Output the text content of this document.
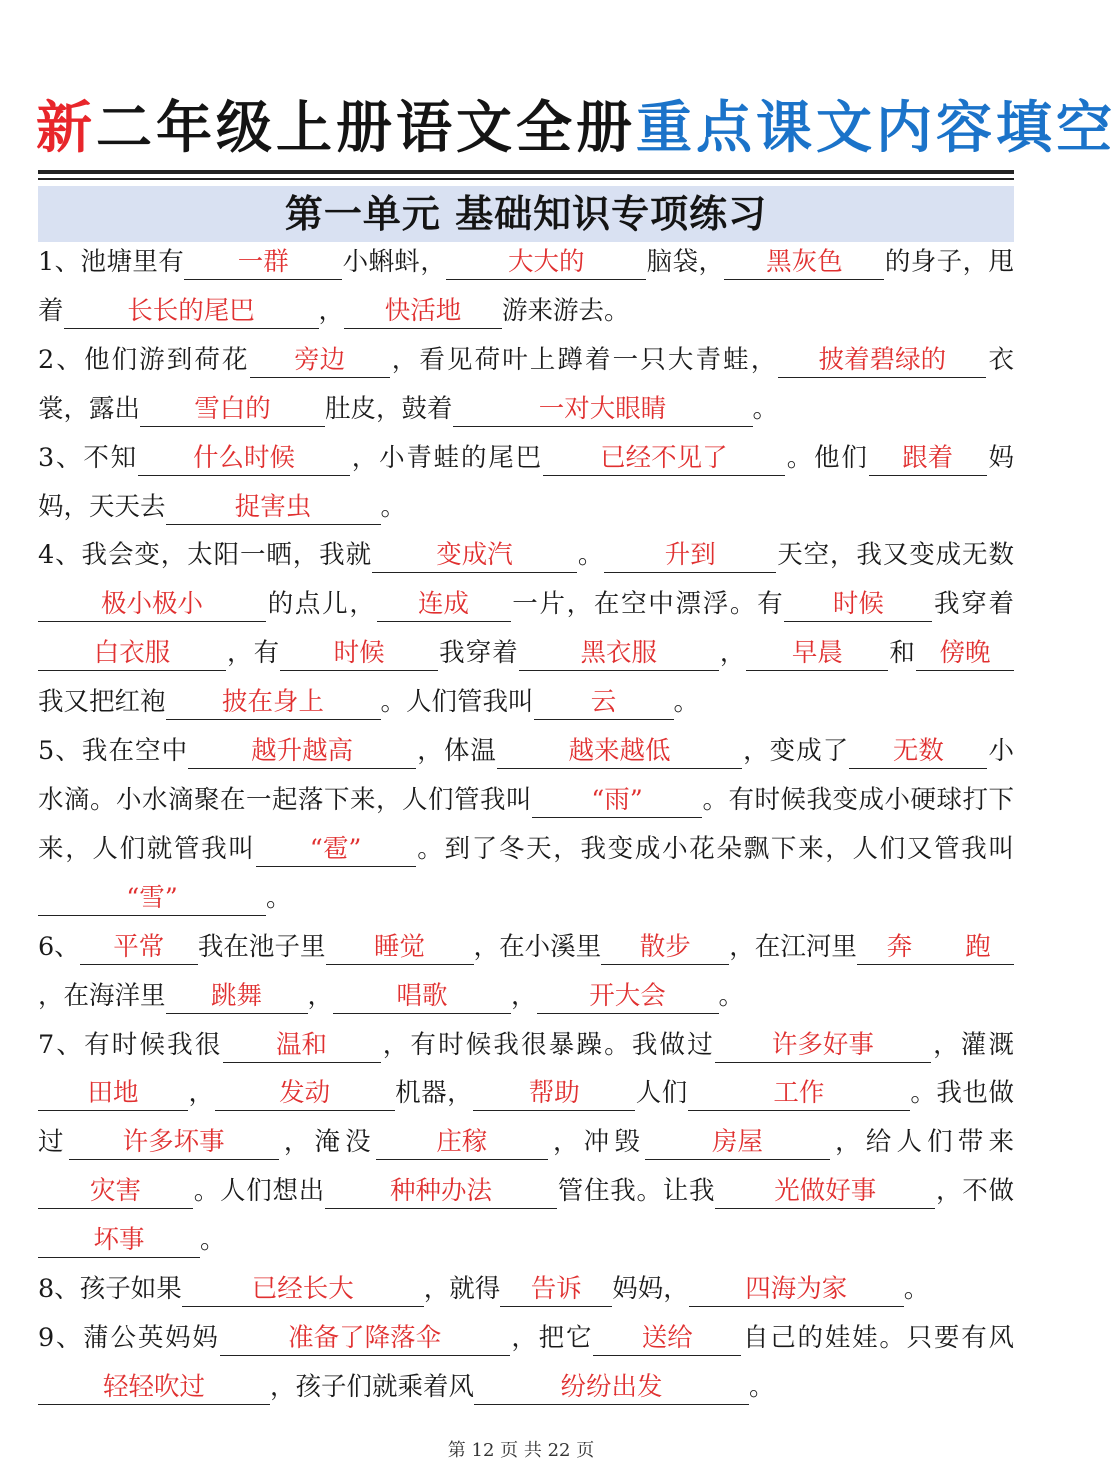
新二年级上册语文全册重点课文内容填空
第一单元 基础知识专项练习

1、池塘里有 一群 小蝌蚪， 大大的 脑袋， 黑灰色 的身子，甩着 长长的尾巴	， 快活地 游来游去。

2、他们游到荷花 旁边 ，看见荷叶上蹲着一只大青蛙， 披着碧绿的 衣裳，露出 雪白的 肚皮，鼓着	一对大眼睛	。

3、不知 什么时候 ，小青蛙的尾巴 已经不见了 。他们 跟着 妈妈，天天去	捉害虫	。

4、我会变，太阳一晒，我就	变成汽	。 升到 天空，我又变成无数极小极小 的点儿， 连成 一片，在空中漂浮。有 时候 我穿着白衣服 ，有 时候 我穿着 黑衣服 ， 早晨 和 傍晚我又把红袍 披在身上 。人们管我叫 云 。

5、我在空中 越升越高 ，体温	越来越低	，变成了 无数 小水滴。小水滴聚在一起落下来，人们管我叫 “雨” 。有时候我变成小硬球打下来，人们就管我叫 “雹” 。到了冬天，我变成小花朵飘下来，人们又管我叫“雪”	。

6、 平常 我在池子里 睡觉 ，在小溪里 散步 ，在江河里 奔 跑，在海洋里 跳舞 ， 唱歌 ， 开大会 。

7、有时候我很 温和 ，有时候我很暴躁。我做过 许多好事 ，灌溉田地 ，	发动	机器， 帮助 人们	工作	。我也做过 许多坏事 ，淹没 庄稼 ，冲毁	房屋	，给人们带来灾害 。人们想出	种种办法	管住我。让我 光做好事 ，不做坏事 。

8、孩子如果	已经长大	，就得 告诉 妈妈， 四海为家 。

9、蒲公英妈妈	准备了降落伞	，把它 送给 自己的娃娃。只要有风轻轻吹过	，孩子们就乘着风	纷纷出发	。

第 12 页 共 22 页
